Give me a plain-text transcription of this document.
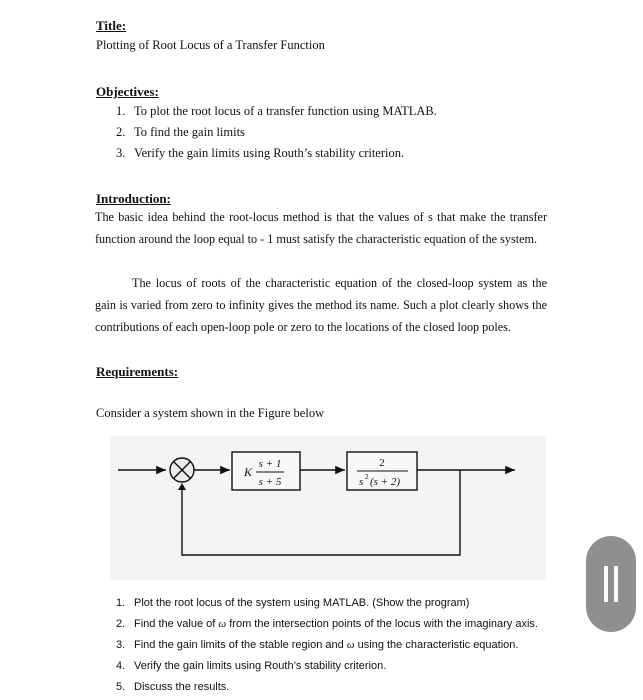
Title:
Plotting of Root Locus of a Transfer Function
Objectives:
1. To plot the root locus of a transfer function using MATLAB.
2. To find the gain limits
3. Verify the gain limits using Routh’s stability criterion.
Introduction:
The basic idea behind the root-locus method is that the values of s that make the transfer function around the loop equal to - 1 must satisfy the characteristic equation of the system.
The locus of roots of the characteristic equation of the closed-loop system as the gain is varied from zero to infinity gives the method its name. Such a plot clearly shows the contributions of each open-loop pole or zero to the locations of the closed loop poles.
Requirements:
Consider a system shown in the Figure below
K
s + 1
s + 5
2
s 2 (s + 2)
1. Plot the root locus of the system using MATLAB. (Show the program)
2. Find the value of ω from the intersection points of the locus with the imaginary axis.
3. Find the gain limits of the stable region and ω using the characteristic equation.
4. Verify the gain limits using Routh’s stability criterion.
5. Discuss the results.
